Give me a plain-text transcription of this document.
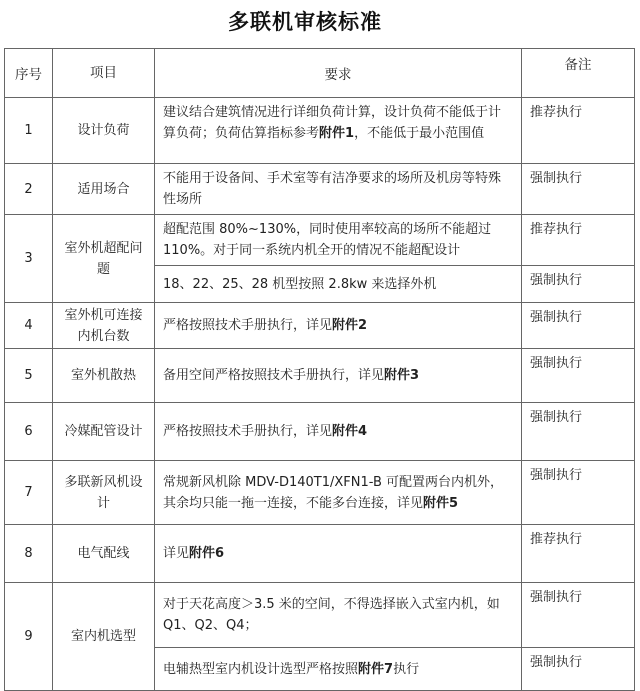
多联机审核标准
序号	项目	要求	备注
1	设计负荷	建议结合建筑情况进行详细负荷计算，设计负荷不能低于计算负荷；负荷估算指标参考附件1，不能低于最小范围值	推荐执行
2	适用场合	不能用于设备间、手术室等有洁净要求的场所及机房等特殊性场所	强制执行
3	室外机超配问题	超配范围 80%~130%，同时使用率较高的场所不能超过110%。对于同一系统内机全开的情况不能超配设计	推荐执行
		18、22、25、28 机型按照 2.8kw 来选择外机	强制执行
4	室外机可连接内机台数	严格按照技术手册执行，详见附件2	强制执行
5	室外机散热	备用空间严格按照技术手册执行，详见附件3	强制执行
6	冷媒配管设计	严格按照技术手册执行，详见附件4	强制执行
7	多联新风机设计	常规新风机除 MDV-D140T1/XFN1-B 可配置两台内机外，其余均只能一拖一连接，不能多台连接，详见附件5	强制执行
8	电气配线	详见附件6	推荐执行
9	室内机选型	对于天花高度＞3.5 米的空间，不得选择嵌入式室内机，如 Q1、Q2、Q4；	强制执行
		电辅热型室内机设计选型严格按照附件7执行	强制执行
